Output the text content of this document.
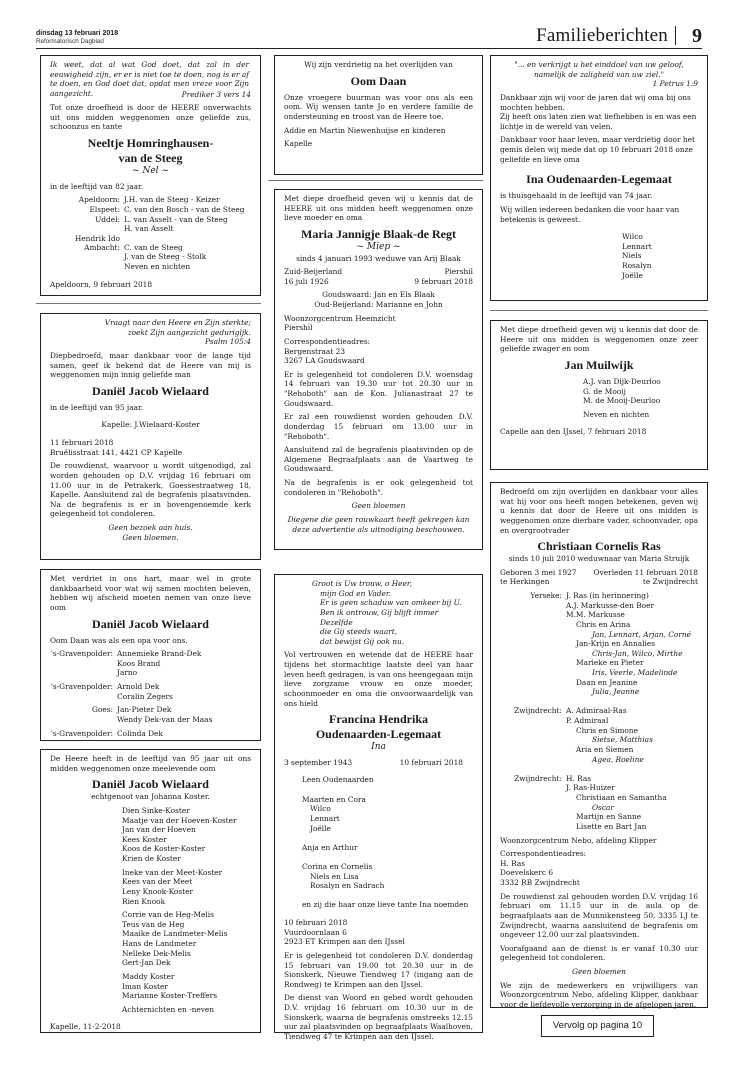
dinsdag 13 februari 2018
Reformatorisch Dagblad	Familieberichten 9

Ik weet, dat al wat God doet, dat zal in der eeuwigheid zijn, er er is niet toe te doen, nog is er af te doen, en God doet dat, opdat men vreze voor Zijn aangezicht.	Prediker 3 vers 14

Tot onze droefheid is door de HEERE onverwachts uit ons midden weggenomen onze geliefde zus, schoonzus en tante

Neeltje Homringhausen-

van de Steeg

~ Nel ~

in de leeftijd van 82 jaar.

Apeldoorn: J.H. van de Steeg - Keizer
Elspeet: C. van den Bosch - van de Steeg
Uddel: L. van Asselt - van de Steeg
H. van Asselt
Hendrik Ido Ambacht: C. van de Steeg
J. van de Steeg - Stolk
Neven en nichten

Apeldoorn, 9 februari 2018

Vraagt naar den Heere en Zijn sterkte; zoekt Zijn aangezicht gedurigljk.

Psalm 105:4

Diepbedroefd, maar dankbaar voor de lange tijd samen, geef ik bekend dat de Heere van mij is weggenomen mijn innig geliefde man

Daniël Jacob Wielaard

in de leeftijd van 95 jaar.

Kapelle: J.Wielaard-Koster

11 februari 2018

Bruëlisstraat 141, 4421 CP Kapelle

De rouwdienst, waarvoor u wordt uitgenodigd, zal worden gehouden op D.V. vrijdag 16 februari om 11.00 uur in de Petrakerk, Goessestraatweg 18, Kapelle. Aansluitend zal de begrafenis plaatsvinden. Na de begrafenis is er in bovengenoemde kerk gelegenheid tot condoleren.

Geen bezoek aan huis.

Geen bloemen.

Met verdriet in ons hart, maar wel in grote dankbaarheid voor wat wij samen mochten beleven, hebben wij afscheid moeten nemen van onze lieve oom

Daniël Jacob Wielaard

Oom Daan was als een opa voor ons.

's-Gravenpolder: Annemieke Brand-Dek
Koos Brand
Jarno
's-Gravenpolder: Arnold Dek
Coralin Zegers
Goes: Jan-Pieter Dek
Wendy Dek-van der Maas
's-Gravenpolder: Colinda Dek

De Heere heeft in de leeftijd van 95 jaar uit ons midden weggenomen onze meelevende oom

Daniël Jacob Wielaard

echtgenoot van Johanna Koster.

Dien Sinke-Koster
Maatje van der Hoeven-Koster
Jan van der Hoeven
Kees Koster
Koos de Koster-Koster
Krien de Koster
Ineke van der Meet-Koster
Kees van der Meet
Leny Knook-Koster
Rien Knook
Corrie van de Heg-Melis
Teus van de Heg
Maaike de Landmeter-Melis
Hans de Landmeter
Nelleke Dek-Melis
Gert-Jan Dek
Maddy Koster
Iman Koster
Marianne Koster-Treffers
Achternichten en -neven

Kapelle, 11-2-2018

Wij zijn verdrietig na het overlijden van

Oom Daan

Onze vroegere buurman was voor ons als een oom. Wij wensen tante Jo en verdere familie de ondersteuning en troost van de Heere toe.

Addie en Martin Niewenhuijse en kinderen

Kapelle

Met diepe droefheid geven wij u kennis dat de HEERE uit ons midden heeft weggenomen onze lieve moeder en oma

Maria Jannigje Blaak-de Regt

~ Miep ~

sinds 4 januari 1993 weduwe van Arij Blaak

Zuid-Beijerland	Piershil
16 juli 1926	9 februari 2018

Goudswaard: Jan en Els Blaak

Oud-Beijerland: Marianne en John

Woonzorgcentrum Heemzicht

Piershil

Correspondentieadres:

Bergenstraat 23

3267 LA Goudswaard

Er is gelegenheid tot condoleren D.V. woensdag 14 februari van 19.30 uur tot 20.30 uur in "Rehoboth" aan de Kon. Julianastraat 27 te Goudswaard.

Er zal een rouwdienst worden gehouden D.V. donderdag 15 februari om 13.00 uur in "Rehoboth".

Aansluitend zal de begrafenis plaatsvinden op de Algemene Begraafplaats aan de Vaartweg te Goudswaard.

Na de begrafenis is er ook gelegenheid tot condoleren in "Rehoboth".

Geen bloemen

Diegene die geen rouwkaart heeft gekregen kan deze advertentie als uitnodiging beschouwen.

Groot is Uw trouw, o Heer,
mijn God en Vader.
Er is geen schaduw van omkeer bij U.
Ben ik ontrouw, Gij blijft immer Dezelfde
die Gij steeds waart,
dat bewijst Gij ook nu.

Vol vertrouwen en wetende dat de HEERE haar tijdens het stormachtige laatste deel van haar leven heeft gedragen, is van ons heengegaan mijn lieve zorgzame vrouw en onze moeder, schoonmoeder en oma die onvoorwaardelijk van ons hield

Francina Hendrika

Oudenaarden-Legemaat

Ina

3 september 1943	10 februari 2018
Leen Oudenaarden
Maarten en Cora
Wilco
Lennart
Joëlle
Anja en Arthur
Corina en Cornelis
Niels en Lisa
Rosalyn en Sadrach
en zij die haar onze lieve tante Ina noemden

10 februari 2018

Vuurdoornlaan 6

2923 ET Krimpen aan den IJssel

Er is gelegenheid tot condoleren D.V. donderdag 15 februari van 19.00 tot 20.30 uur in de Sionskerk, Nieuwe Tiendweg 17 (ingang aan de Rondweg) te Krimpen aan den IJssel.

De dienst van Woord en gebed wordt gehouden D.V. vrijdag 16 februari om 10.30 uur in de Sionskerk, waarna de begrafenis omstreeks 12.15 uur zal plaatsvinden op begraafplaats Waalhoven, Tiendweg 47 te Krimpen aan den IJssel.

"... en verkrijgt u het einddoel van uw geloof, namelijk de zaligheid van uw ziel."

1 Petrus 1:9

Dankbaar zijn wij voor de jaren dat wij oma bij ons mochten hebben.

Zij heeft ons laten zien wat liefhebben is en was een lichtje in de wereld van velen.

Dankbaar voor haar leven, maar verdrietig door het gemis delen wij mede dat op 10 februari 2018 onze geliefde en lieve oma

Ina Oudenaarden-Legemaat

is thuisgehaald in de leeftijd van 74 jaar.

Wij willen iedereen bedanken die voor haar van betekenis is geweest.

Wilco
Lennart
Niels
Rosalyn
Joëlle

Met diepe droefheid geven wij u kennis dat door de Heere uit ons midden is weggenomen onze zeer geliefde zwager en oom

Jan Muilwijk

A.J. van Dijk-Deurloo
G. de Mooij
M. de Mooij-Deurloo
Neven en nichten

Capelle aan den IJssel, 7 februari 2018

Bedroefd om zijn overlijden en dankbaar voor alles wat hij voor ons heeft mogen betekenen, geven wij u kennis dat door de Heere uit ons midden is weggenomen onze dierbare vader, schoonvader, opa en overgrootvader

Christiaan Cornelis Ras

sinds 10 juli 2010 weduwnaar van Maria Struijk

Geboren 3 mei 1927 Overleden 11 februari 2018
te Herkingen	te Zwijndrecht
Yerseke: J. Ras (in herinnering)
A.J. Markusse-den Boer
M.M. Markusse
Chris en Arina
Jan, Lennart, Arjan, Corné
Jan-Krijn en Annalies
Chris-Jan, Wilco, Mirthe
Marieke en Pieter
Iris, Veerle, Madelinde
Daan en Jeanine
Julia, Jeanne
Zwijndrecht: A. Admiraal-Ras
P. Admiraal
Chris en Simone
Sietse, Matthias
Aria en Siemen
Agea, Roeline
Zwijndrecht: H. Ras
J. Ras-Huizer
Christiaan en Samantha
Oscar
Martijn en Sanne
Lisette en Bart Jan

Woonzorgcentrum Nebo, afdeling Klipper

Correspondentieadres:

H. Ras

Doevelskerc 6

3332 RB Zwijndrecht

De rouwdienst zal gehouden worden D.V. vrijdag 16 februari om 11.15 uur in de aula op de begraafplaats aan de Munnikensteeg 50, 3335 LJ te Zwijndrecht, waarna aansluitend de begrafenis om ongeveer 12.00 uur zal plaatsvinden.

Voorafgaand aan de dienst is er vanaf 10.30 uur gelegenheid tot condoleren.

Geen bloemen

We zijn de medewerkers en vrijwilligers van Woonzorgcentrum Nebo, afdeling Klipper, dankbaar voor de liefdevolle verzorging in de afgelopen jaren.

Vervolg op pagina 10
